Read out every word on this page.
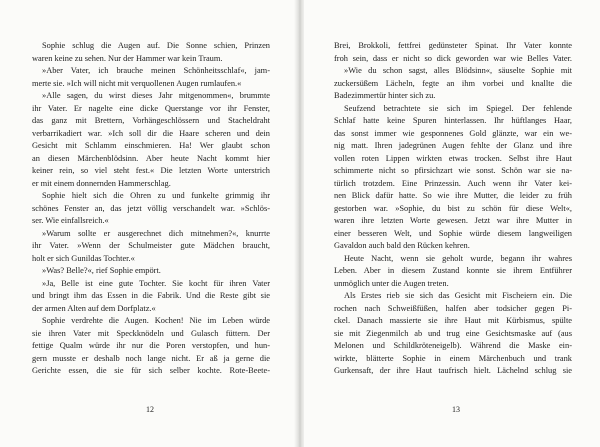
Sophie schlug die Augen auf. Die Sonne schien, Prinzen
waren keine zu sehen. Nur der Hammer war kein Traum.
»Aber Vater, ich brauche meinen Schönheitsschlaf«, jam-
merte sie. »Ich will nicht mit verquollenen Augen rumlaufen.«
»Alle sagen, du wirst dieses Jahr mitgenommen«, brummte
ihr Vater. Er nagelte eine dicke Querstange vor ihr Fenster,
das ganz mit Brettern, Vorhängeschlössern und Stacheldraht
verbarrikadiert war. »Ich soll dir die Haare scheren und dein
Gesicht mit Schlamm einschmieren. Ha! Wer glaubt schon
an diesen Märchenblödsinn. Aber heute Nacht kommt hier
keiner rein, so viel steht fest.« Die letzten Worte unterstrich
er mit einem donnernden Hammerschlag.
Sophie hielt sich die Ohren zu und funkelte grimmig ihr
schönes Fenster an, das jetzt völlig verschandelt war. »Schlös-
ser. Wie einfallsreich.«
»Warum sollte er ausgerechnet dich mitnehmen?«, knurrte
ihr Vater. »Wenn der Schulmeister gute Mädchen braucht,
holt er sich Gunildas Tochter.«
»Was? Belle?«, rief Sophie empört.
»Ja, Belle ist eine gute Tochter. Sie kocht für ihren Vater
und bringt ihm das Essen in die Fabrik. Und die Reste gibt sie
der armen Alten auf dem Dorfplatz.«
Sophie verdrehte die Augen. Kochen! Nie im Leben würde
sie ihren Vater mit Speckknödeln und Gulasch füttern. Der
fettige Qualm würde ihr nur die Poren verstopfen, und hun-
gern musste er deshalb noch lange nicht. Er aß ja gerne die
Gerichte essen, die sie für sich selber kochte. Rote-Beete-
12
Brei, Brokkoli, fettfrei gedünsteter Spinat. Ihr Vater konnte
froh sein, dass er nicht so dick geworden war wie Belles Vater.
»Wie du schon sagst, alles Blödsinn«, säuselte Sophie mit
zuckersüßem Lächeln, fegte an ihm vorbei und knallte die
Badezimmertür hinter sich zu.
Seufzend betrachtete sie sich im Spiegel. Der fehlende
Schlaf hatte keine Spuren hinterlassen. Ihr hüftlanges Haar,
das sonst immer wie gesponnenes Gold glänzte, war ein we-
nig matt. Ihren jadegrünen Augen fehlte der Glanz und ihre
vollen roten Lippen wirkten etwas trocken. Selbst ihre Haut
schimmerte nicht so pfirsichzart wie sonst. Schön war sie na-
türlich trotzdem. Eine Prinzessin. Auch wenn ihr Vater kei-
nen Blick dafür hatte. So wie ihre Mutter, die leider zu früh
gestorben war. »Sophie, du bist zu schön für diese Welt«,
waren ihre letzten Worte gewesen. Jetzt war ihre Mutter in
einer besseren Welt, und Sophie würde diesem langweiligen
Gavaldon auch bald den Rücken kehren.
Heute Nacht, wenn sie geholt wurde, begann ihr wahres
Leben. Aber in diesem Zustand konnte sie ihrem Entführer
unmöglich unter die Augen treten.
Als Erstes rieb sie sich das Gesicht mit Fischeiern ein. Die
rochen nach Schweißfüßen, halfen aber todsicher gegen Pi-
ckel. Danach massierte sie ihre Haut mit Kürbismus, spülte
sie mit Ziegenmilch ab und trug eine Gesichtsmaske auf (aus
Melonen und Schildkröteneigelb). Während die Maske ein-
wirkte, blätterte Sophie in einem Märchenbuch und trank
Gurkensaft, der ihre Haut taufrisch hielt. Lächelnd schlug sie
13
